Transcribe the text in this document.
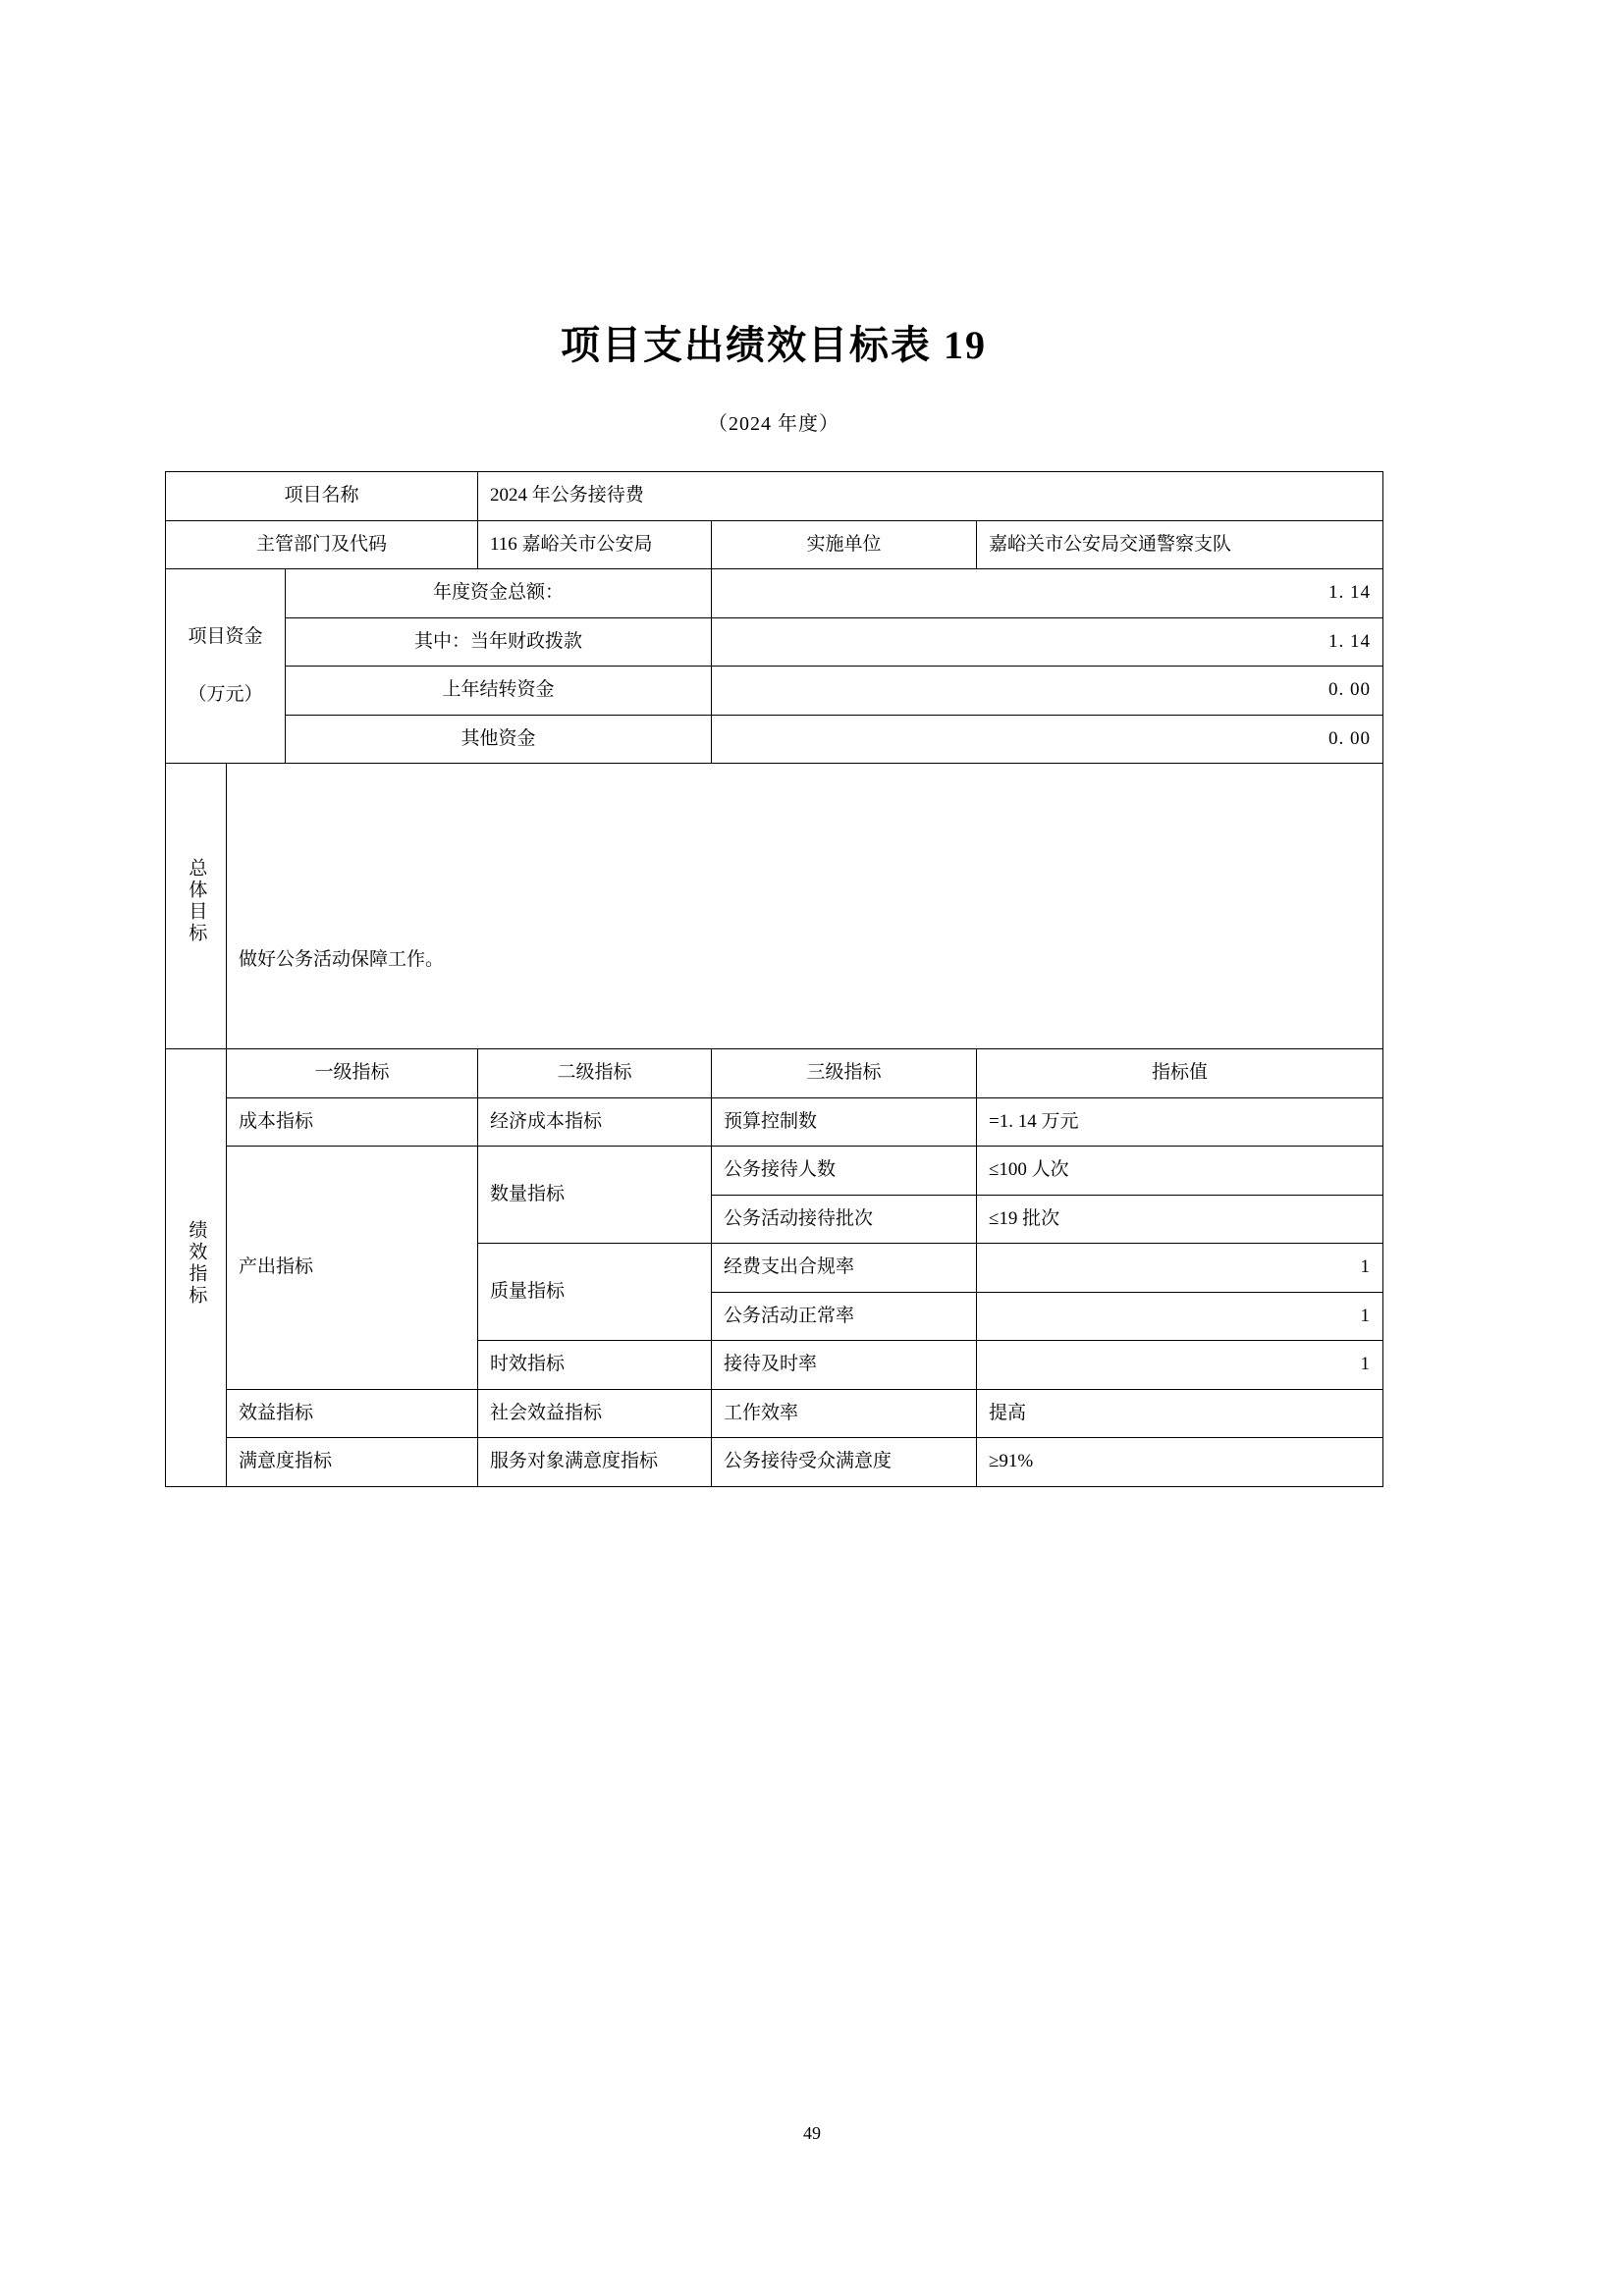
项目支出绩效目标表 19
（2024 年度）
项目名称			2024 年公务接待费		
主管部门及代码			116 嘉峪关市公安局	实施单位	嘉峪关市公安局交通警察支队

项目资金
（万元）		年度资金总额：		1. 14	
		其中：当年财政拨款		1. 14	
		上年结转资金		0. 00	
		其他资金		0. 00	
总体目标	做好公务活动保障工作。				

绩效指标	一级指标		二级指标	三级指标	指标值
	成本指标		经济成本指标	预算控制数	=1. 14 万元
	产出指标		数量指标	公务接待人数	≤100 人次
				公务活动接待批次	≤19 批次
			质量指标	经费支出合规率	1
				公务活动正常率	1
			时效指标	接待及时率	1
	效益指标		社会效益指标	工作效率	提高
	满意度指标		服务对象满意度指标	公务接待受众满意度	≥91%
49
